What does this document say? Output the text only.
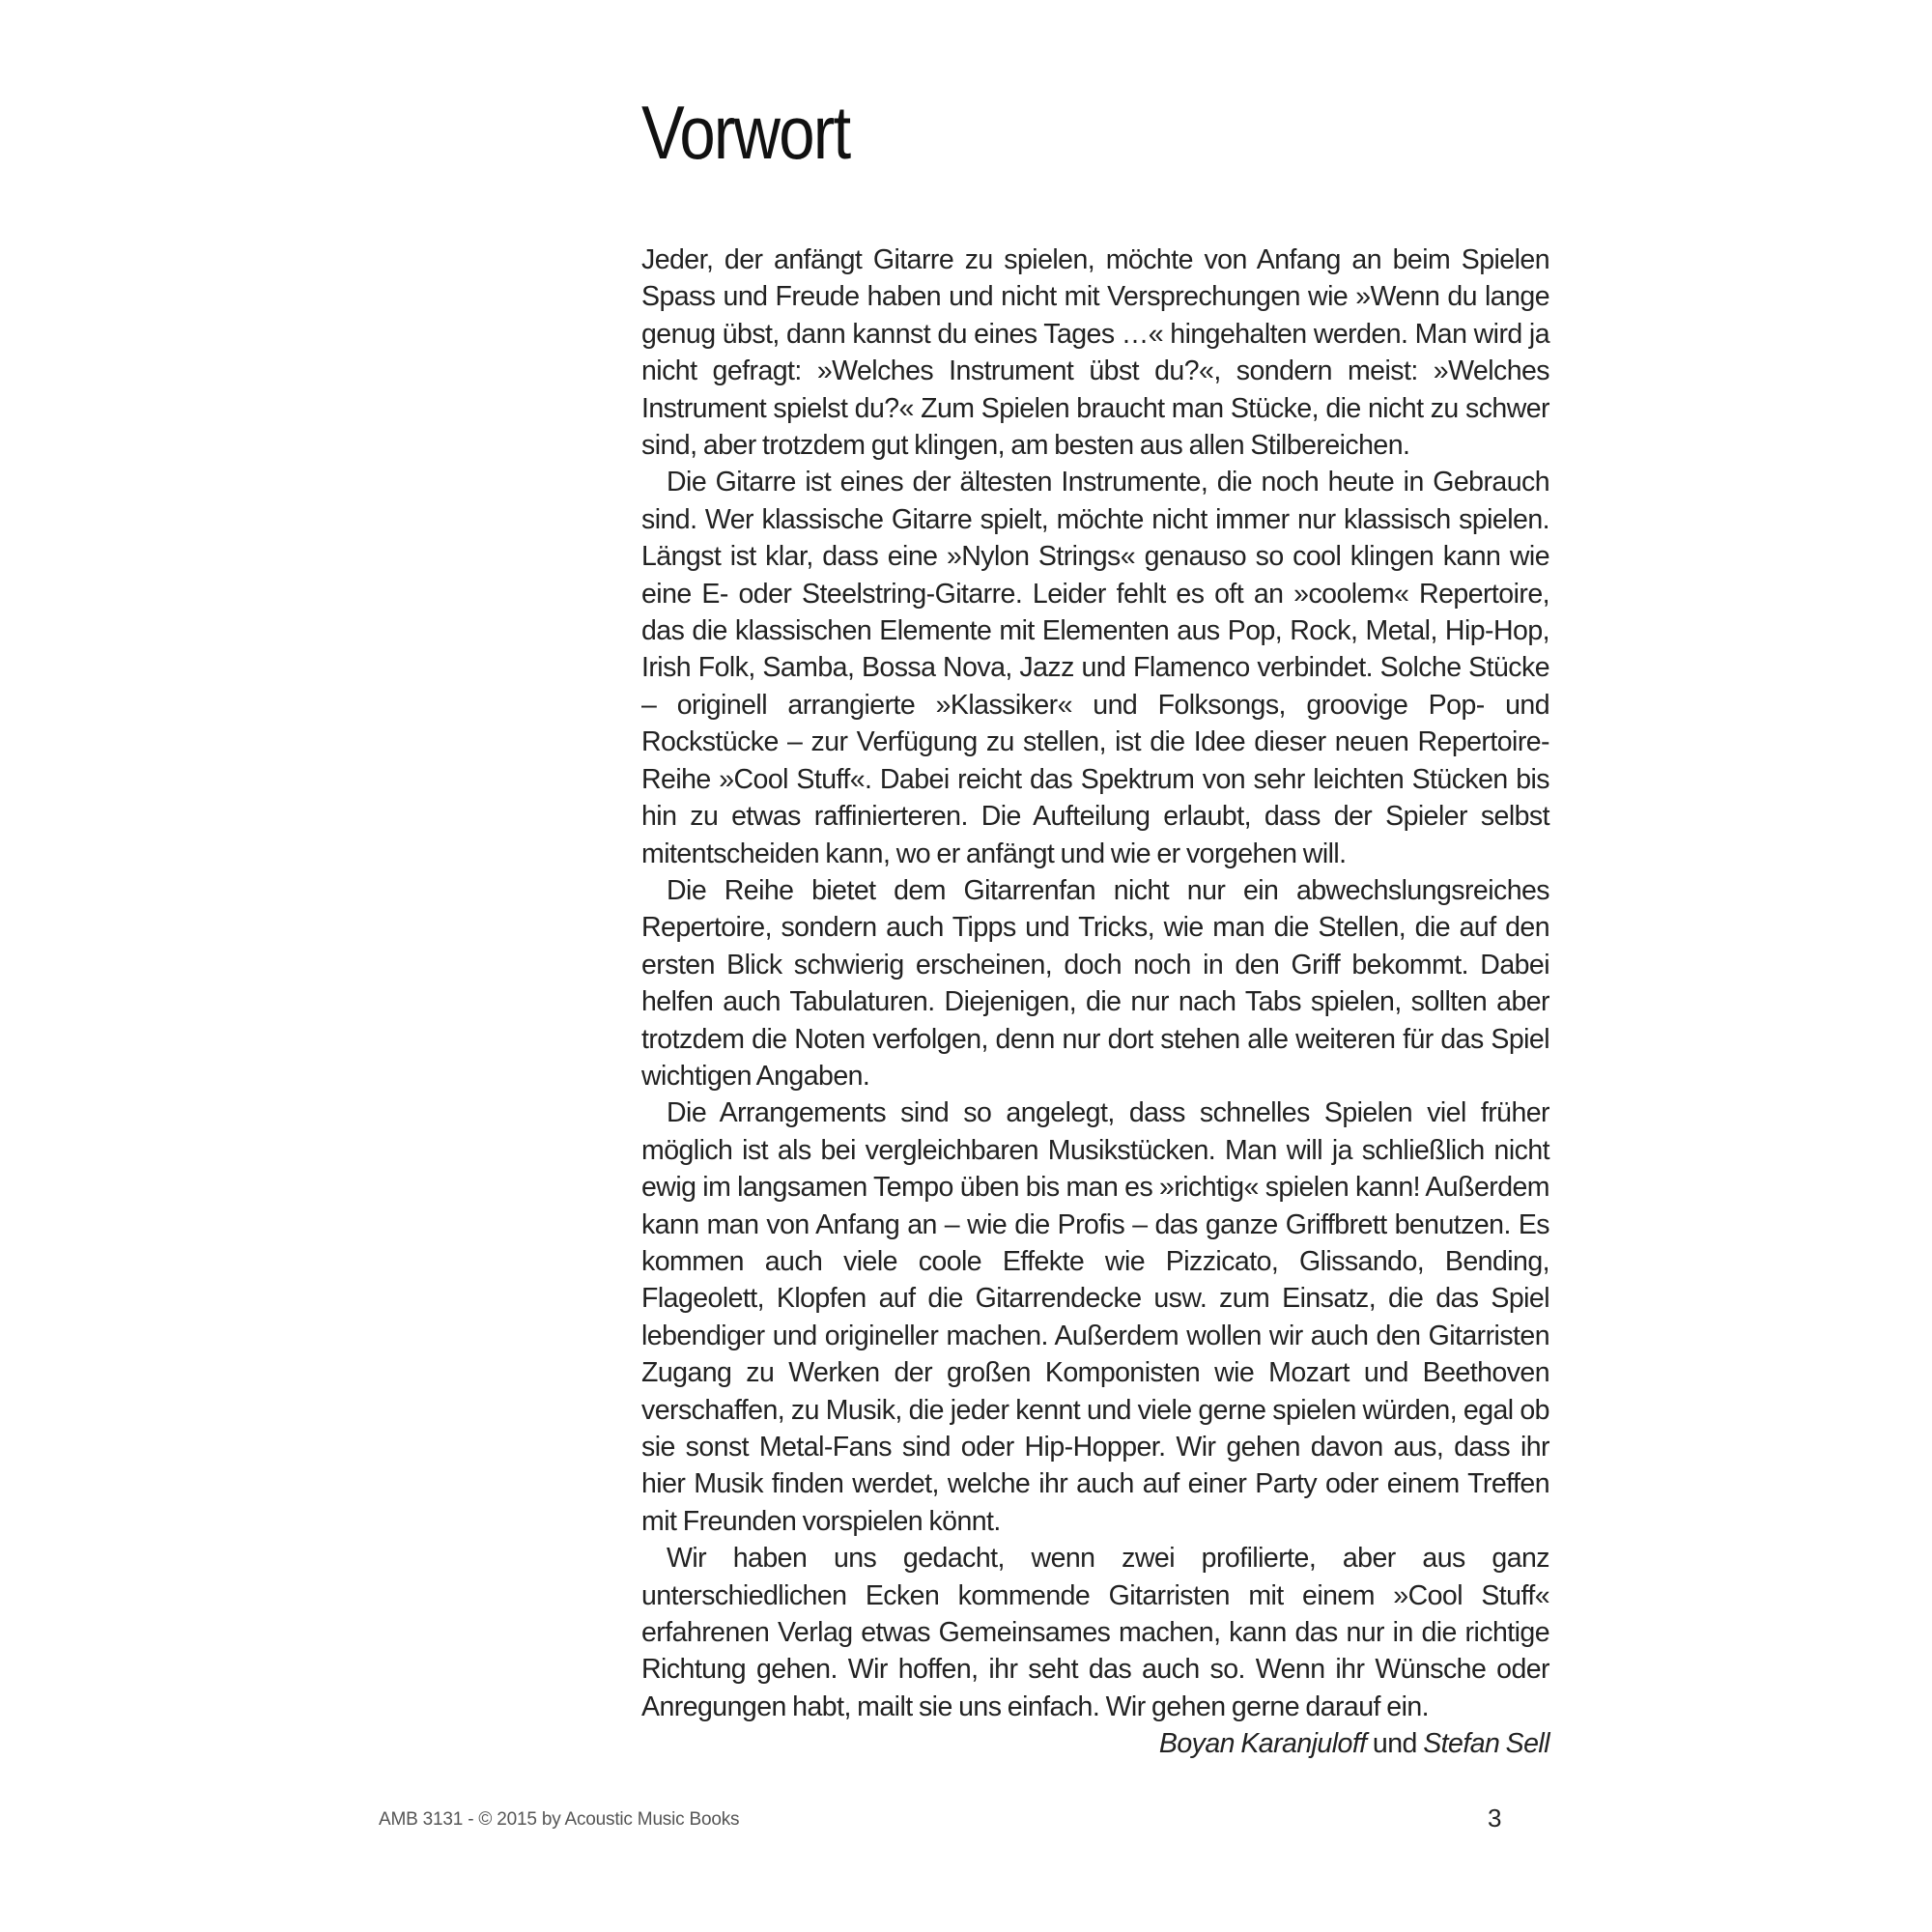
Vorwort

Jeder, der anfängt Gitarre zu spielen, möchte von Anfang an beim Spielen Spass und Freude haben und nicht mit Versprechungen wie »Wenn du lange genug übst, dann kannst du eines Tages …« hingehalten werden. Man wird ja nicht gefragt: »Welches Instrument übst du?«, sondern meist: »Welches Instrument spielst du?« Zum Spielen braucht man Stücke, die nicht zu schwer sind, aber trotzdem gut klingen, am besten aus allen Stilbereichen.

Die Gitarre ist eines der ältesten Instrumente, die noch heute in Gebrauch sind. Wer klassische Gitarre spielt, möchte nicht immer nur klassisch spielen. Längst ist klar, dass eine »Nylon Strings« genauso so cool klingen kann wie eine E- oder Steelstring-Gitarre. Leider fehlt es oft an »coolem« Repertoire, das die klassischen Elemente mit Elementen aus Pop, Rock, Metal, Hip-Hop, Irish Folk, Samba, Bossa Nova, Jazz und Flamenco verbindet. Solche Stücke – originell arrangierte »Klassiker« und Folksongs, groovige Pop- und Rockstücke – zur Verfügung zu stellen, ist die Idee dieser neuen Repertoire-Reihe »Cool Stuff«. Dabei reicht das Spektrum von sehr leichten Stücken bis hin zu etwas raffinierteren. Die Aufteilung erlaubt, dass der Spieler selbst mitentscheiden kann, wo er anfängt und wie er vorgehen will.

Die Reihe bietet dem Gitarrenfan nicht nur ein abwechslungsreiches Repertoire, sondern auch Tipps und Tricks, wie man die Stellen, die auf den ersten Blick schwierig erscheinen, doch noch in den Griff bekommt. Dabei helfen auch Tabulaturen. Diejenigen, die nur nach Tabs spielen, sollten aber trotzdem die Noten verfolgen, denn nur dort stehen alle weiteren für das Spiel wichtigen Angaben.

Die Arrangements sind so angelegt, dass schnelles Spielen viel früher möglich ist als bei vergleichbaren Musikstücken. Man will ja schließlich nicht ewig im langsamen Tempo üben bis man es »richtig« spielen kann! Außerdem kann man von Anfang an – wie die Profis – das ganze Griffbrett benutzen. Es kommen auch viele coole Effekte wie Pizzicato, Glissando, Bending, Flageolett, Klopfen auf die Gitarrendecke usw. zum Einsatz, die das Spiel lebendiger und origineller machen. Außerdem wollen wir auch den Gitarristen Zugang zu Werken der großen Komponisten wie Mozart und Beethoven verschaffen, zu Musik, die jeder kennt und viele gerne spielen würden, egal ob sie sonst Metal-Fans sind oder Hip-Hopper. Wir gehen davon aus, dass ihr hier Musik finden werdet, welche ihr auch auf einer Party oder einem Treffen mit Freunden vorspielen könnt.

Wir haben uns gedacht, wenn zwei profilierte, aber aus ganz unterschiedlichen Ecken kommende Gitarristen mit einem »Cool Stuff« erfahrenen Verlag etwas Gemeinsames machen, kann das nur in die richtige Richtung gehen. Wir hoffen, ihr seht das auch so. Wenn ihr Wünsche oder Anregungen habt, mailt sie uns einfach. Wir gehen gerne darauf ein.

Boyan Karanjuloff und Stefan Sell

AMB 3131 - © 2015 by Acoustic Music Books	3
